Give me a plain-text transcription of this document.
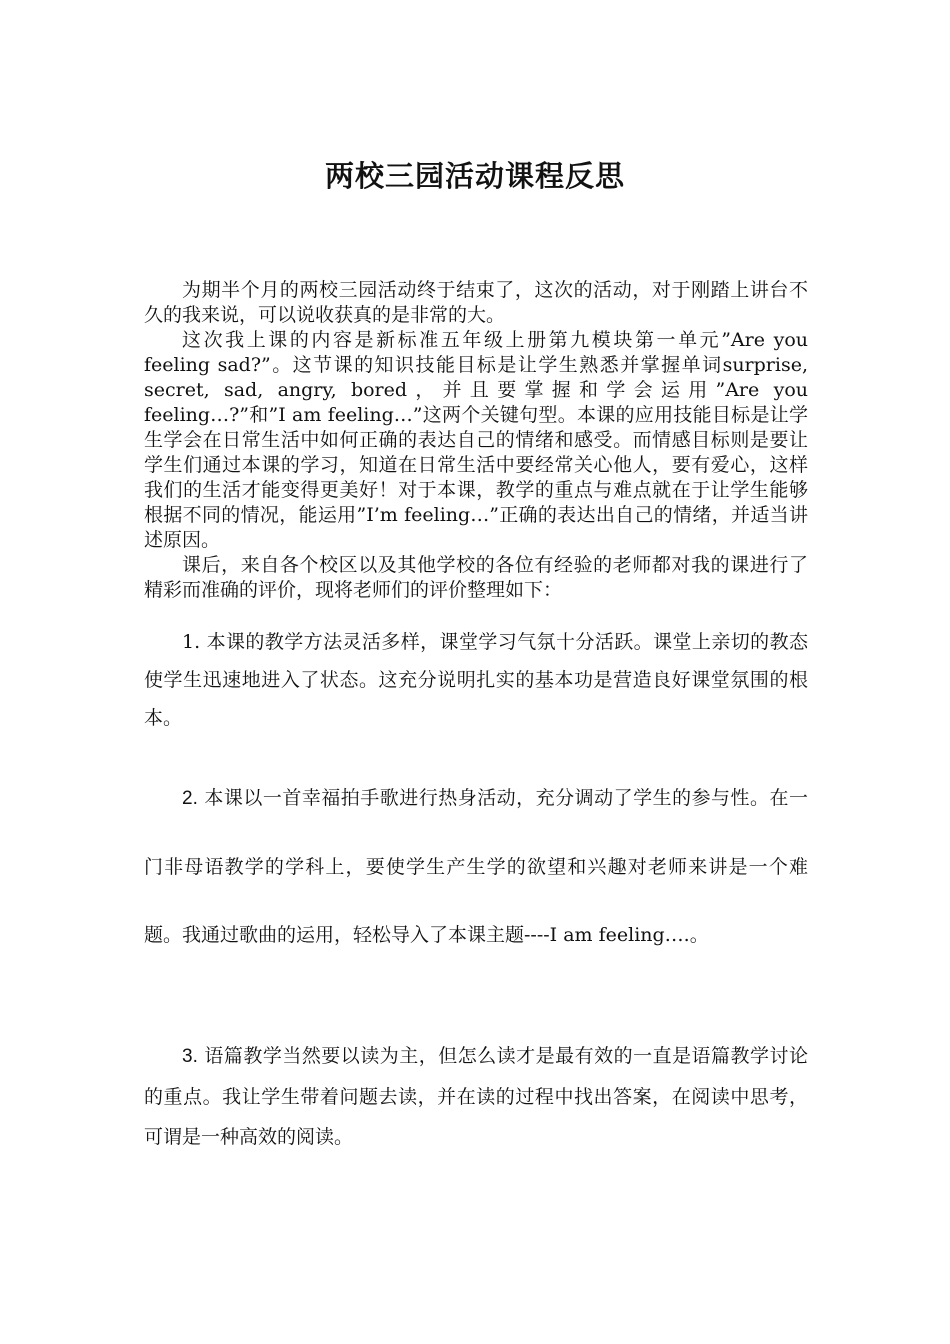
两校三园活动课程反思

为期半个月的两校三园活动终于结束了，这次的活动，对于刚踏上讲台不久的我来说，可以说收获真的是非常的大。

这次我上课的内容是新标准五年级上册第九模块第一单元”Are you feeling sad?”。这节课的知识技能目标是让学生熟悉并掌握单词surprise, secret, sad, angry, bored，并且要掌握和学会运用”Are you feeling…?”和”I am feeling…”这两个关键句型。本课的应用技能目标是让学生学会在日常生活中如何正确的表达自己的情绪和感受。而情感目标则是要让学生们通过本课的学习，知道在日常生活中要经常关心他人，要有爱心，这样我们的生活才能变得更美好！对于本课，教学的重点与难点就在于让学生能够根据不同的情况，能运用”I’m feeling…”正确的表达出自己的情绪，并适当讲述原因。

课后，来自各个校区以及其他学校的各位有经验的老师都对我的课进行了精彩而准确的评价，现将老师们的评价整理如下：

1. 本课的教学方法灵活多样，课堂学习气氛十分活跃。课堂上亲切的教态使学生迅速地进入了状态。这充分说明扎实的基本功是营造良好课堂氛围的根本。

2. 本课以一首幸福拍手歌进行热身活动，充分调动了学生的参与性。在一门非母语教学的学科上，要使学生产生学的欲望和兴趣对老师来讲是一个难题。我通过歌曲的运用，轻松导入了本课主题----I am feeling….。

3. 语篇教学当然要以读为主，但怎么读才是最有效的一直是语篇教学讨论的重点。我让学生带着问题去读，并在读的过程中找出答案，在阅读中思考，可谓是一种高效的阅读。
